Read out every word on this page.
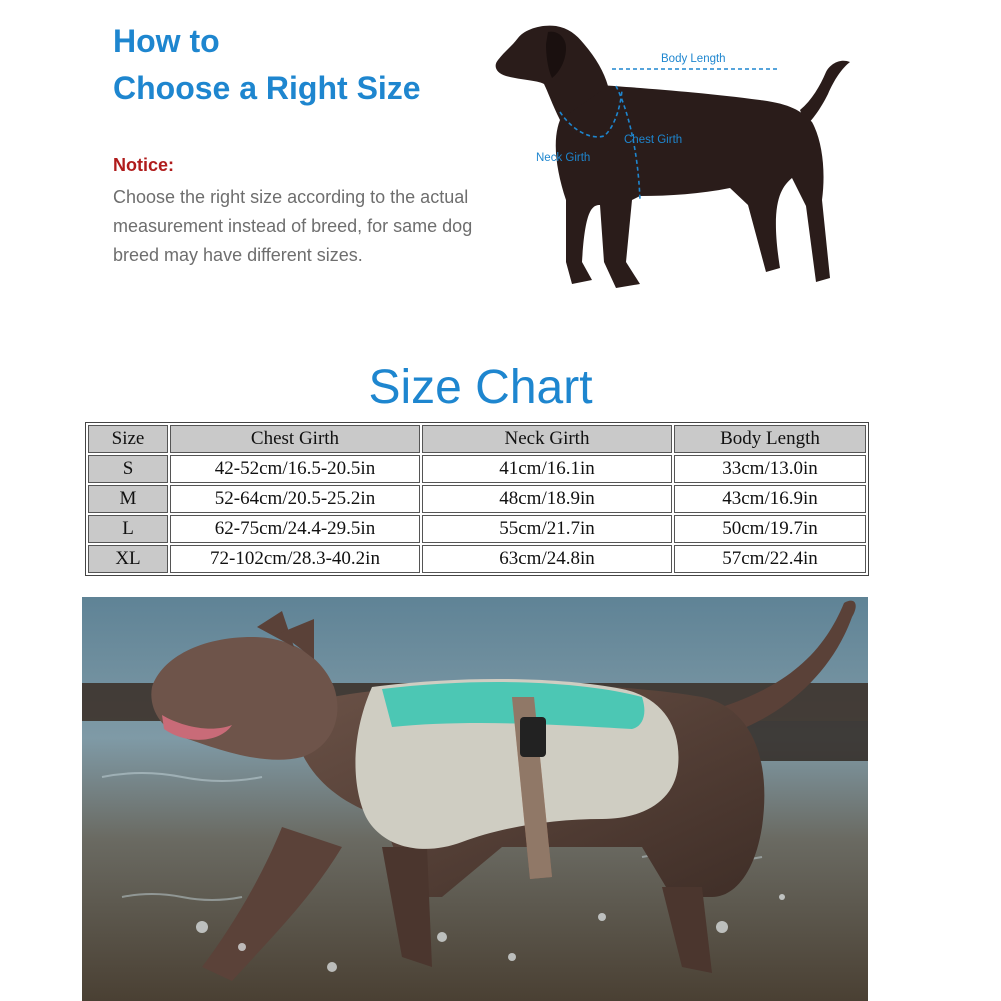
How to
Choose a Right Size
Notice:
Choose the right size according to the actual measurement instead of breed, for same dog breed may have different sizes.
Body Length
Chest Girth
Neck Girth
Size Chart
Size	Chest Girth	Neck Girth	Body Length
S	42-52cm/16.5-20.5in	41cm/16.1in	33cm/13.0in
M	52-64cm/20.5-25.2in	48cm/18.9in	43cm/16.9in
L	62-75cm/24.4-29.5in	55cm/21.7in	50cm/19.7in
XL	72-102cm/28.3-40.2in	63cm/24.8in	57cm/22.4in
